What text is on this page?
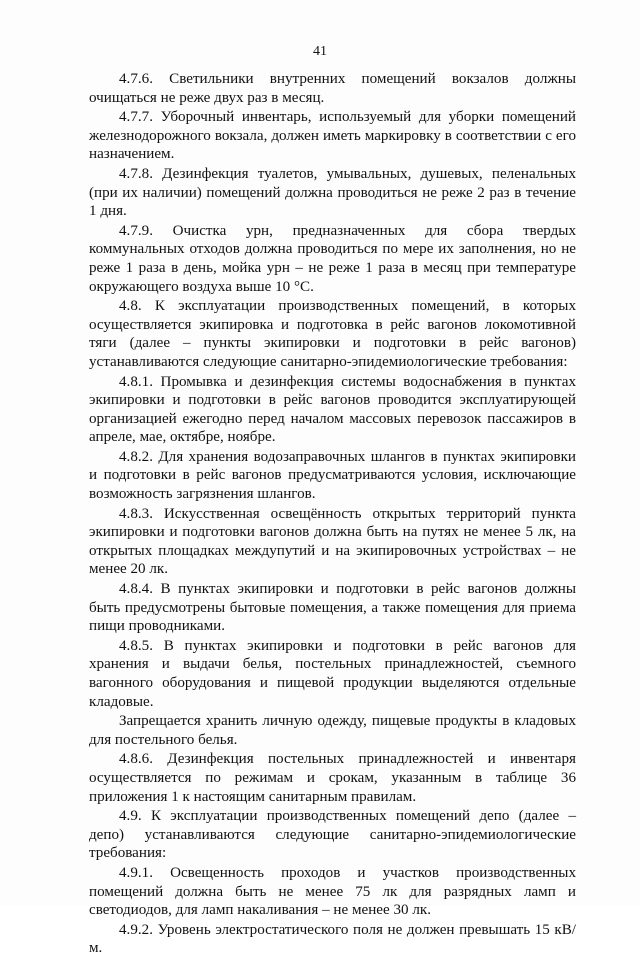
41

4.7.6. Светильники внутренних помещений вокзалов должны очищаться не реже двух раз в месяц.

4.7.7. Уборочный инвентарь, используемый для уборки помещений железнодорожного вокзала, должен иметь маркировку в соответствии с его назначением.

4.7.8. Дезинфекция туалетов, умывальных, душевых, пеленальных (при их наличии) помещений должна проводиться не реже 2 раз в течение 1 дня.

4.7.9. Очистка урн, предназначенных для сбора твердых коммунальных отходов должна проводиться по мере их заполнения, но не реже 1 раза в день, мойка урн – не реже 1 раза в месяц при температуре окружающего воздуха выше 10 °С.

4.8. К эксплуатации производственных помещений, в которых осуществляется экипировка и подготовка в рейс вагонов локомотивной тяги (далее – пункты экипировки и подготовки в рейс вагонов) устанавливаются следующие санитарно-эпидемиологические требования:

4.8.1. Промывка и дезинфекция системы водоснабжения в пунктах экипировки и подготовки в рейс вагонов проводится эксплуатирующей организацией ежегодно перед началом массовых перевозок пассажиров в апреле, мае, октябре, ноябре.

4.8.2. Для хранения водозаправочных шлангов в пунктах экипировки и подготовки в рейс вагонов предусматриваются условия, исключающие возможность загрязнения шлангов.

4.8.3. Искусственная освещённость открытых территорий пункта экипировки и подготовки вагонов должна быть на путях не менее 5 лк, на открытых площадках междупутий и на экипировочных устройствах – не менее 20 лк.

4.8.4. В пунктах экипировки и подготовки в рейс вагонов должны быть предусмотрены бытовые помещения, а также помещения для приема пищи проводниками.

4.8.5. В пунктах экипировки и подготовки в рейс вагонов для хранения и выдачи белья, постельных принадлежностей, съемного вагонного оборудования и пищевой продукции выделяются отдельные кладовые.

Запрещается хранить личную одежду, пищевые продукты в кладовых для постельного белья.

4.8.6. Дезинфекция постельных принадлежностей и инвентаря осуществляется по режимам и срокам, указанным в таблице 36 приложения 1 к настоящим санитарным правилам.

4.9. К эксплуатации производственных помещений депо (далее – депо) устанавливаются следующие санитарно-эпидемиологические требования:

4.9.1. Освещенность проходов и участков производственных помещений должна быть не менее 75 лк для разрядных ламп и светодиодов, для ламп накаливания – не менее 30 лк.

4.9.2. Уровень электростатического поля не должен превышать 15 кВ/м.
